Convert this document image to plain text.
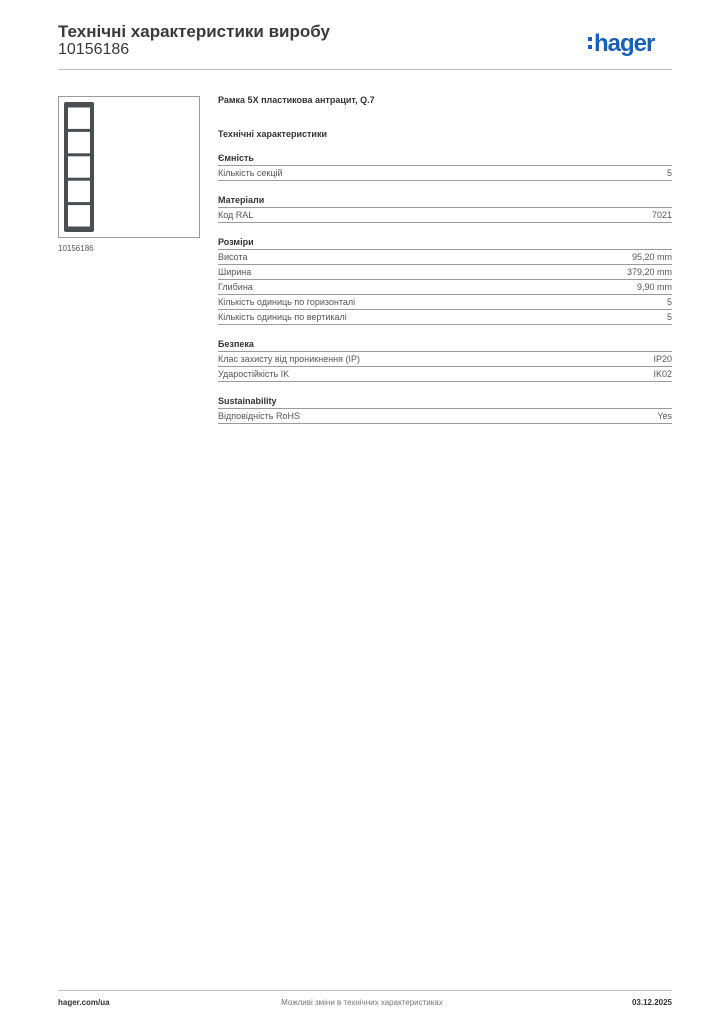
Технічні характеристики виробу
10156186	hager
10156186

Рамка 5X пластикова антрацит, Q.7

Технічні характеристики

Ємність
Кількість секцій	5
Матеріали
Код RAL	7021
Розміри
Висота	95,20 mm
Ширина	379,20 mm
Глибина	9,90 mm
Кількість одиниць по горизонталі	5
Кількість одиниць по вертикалі	5
Безпека
Клас захисту від проникнення (IP)	IP20
Ударостійкість IK	IK02
Sustainability
Відповідність RoHS	Yes
hager.com/ua	Можливі зміни в технічних характеристиках	03.12.2025
